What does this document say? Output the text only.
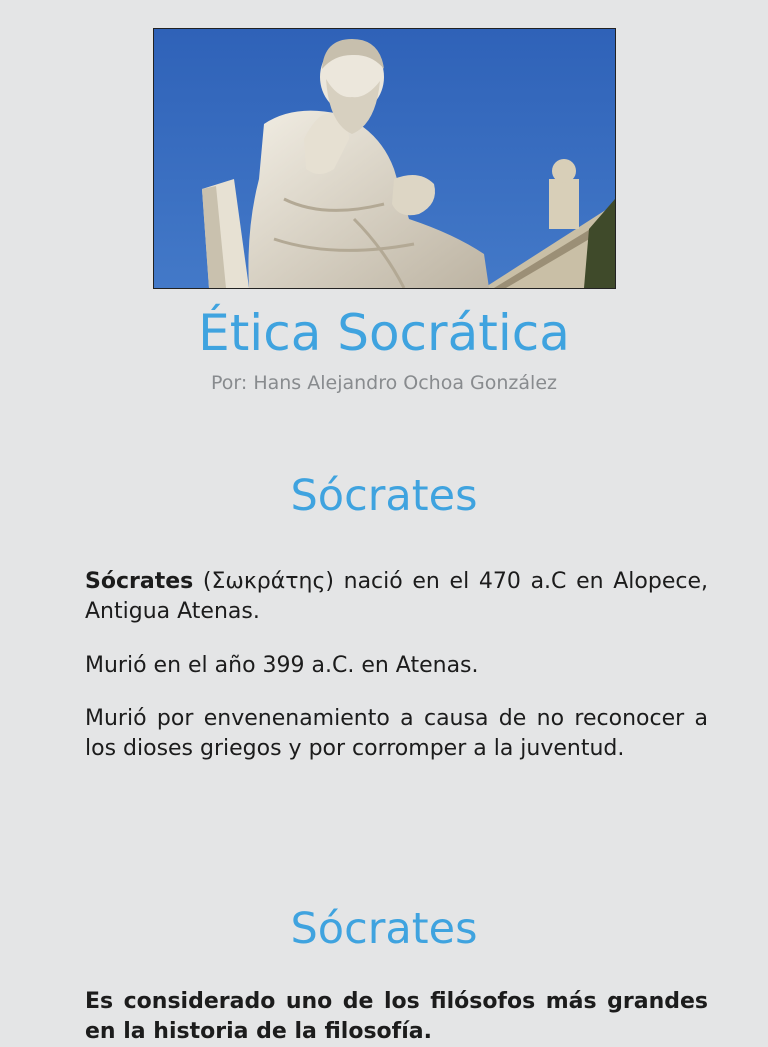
Ética Socrática
Por: Hans Alejandro Ochoa González
Sócrates

Sócrates (Σωκράτης) nació en el 470 a.C en Alopece, Antigua Atenas.

Murió en el año 399 a.C. en Atenas.

Murió por envenenamiento a causa de no reconocer a los dioses griegos y por corromper a la juventud.

Sócrates

Es considerado uno de los filósofos más grandes en la historia de la filosofía.
